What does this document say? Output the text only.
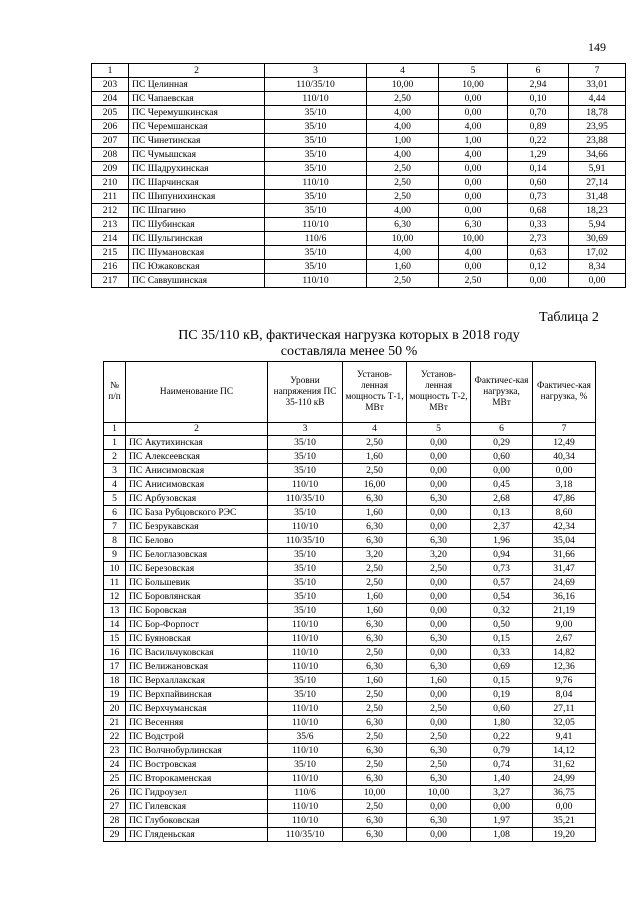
149
1	2	3	4	5	6	7
203	ПС Целинная	110/35/10	10,00	10,00	2,94	33,01
204	ПС Чапаевская	110/10	2,50	0,00	0,10	4,44
205	ПС Черемушкинская	35/10	4,00	0,00	0,70	18,78
206	ПС Черемшанская	35/10	4,00	4,00	0,89	23,95
207	ПС Чинетинская	35/10	1,00	1,00	0,22	23,88
208	ПС Чумышская	35/10	4,00	4,00	1,29	34,66
209	ПС Шадрухинская	35/10	2,50	0,00	0,14	5,91
210	ПС Шарчинская	110/10	2,50	0,00	0,60	27,14
211	ПС Шипунихинская	35/10	2,50	0,00	0,73	31,48
212	ПС Шпагино	35/10	4,00	0,00	0,68	18,23
213	ПС Шубинская	110/10	6,30	6,30	0,33	5,94
214	ПС Шульгинская	110/6	10,00	10,00	2,73	30,69
215	ПС Шумановская	35/10	4,00	4,00	0,63	17,02
216	ПС Южаковская	35/10	1,60	0,00	0,12	8,34
217	ПС Саввушинская	110/10	2,50	2,50	0,00	0,00
Таблица 2
ПС 35/110 кВ, фактическая нагрузка которых в 2018 году
составляла менее 50 %
№ п/п	Наименование ПС	Уровни напряжения ПС 35-110 кВ	Установ-ленная мощность Т-1, МВт	Установ-ленная мощность Т-2, МВт	Фактичес-кая нагрузка, МВт	Фактичес-кая нагрузка, %
1	2	3	4	5	6	7
1	ПС Акутихинская	35/10	2,50	0,00	0,29	12,49
2	ПС Алексеевская	35/10	1,60	0,00	0,60	40,34
3	ПС Анисимовская	35/10	2,50	0,00	0,00	0,00
4	ПС Анисимовская	110/10	16,00	0,00	0,45	3,18
5	ПС Арбузовская	110/35/10	6,30	6,30	2,68	47,86
6	ПС База Рубцовского РЭС	35/10	1,60	0,00	0,13	8,60
7	ПС Безрукавская	110/10	6,30	0,00	2,37	42,34
8	ПС Белово	110/35/10	6,30	6,30	1,96	35,04
9	ПС Белоглазовская	35/10	3,20	3,20	0,94	31,66
10	ПС Березовская	35/10	2,50	2,50	0,73	31,47
11	ПС Большевик	35/10	2,50	0,00	0,57	24,69
12	ПС Боровлянская	35/10	1,60	0,00	0,54	36,16
13	ПС Боровская	35/10	1,60	0,00	0,32	21,19
14	ПС Бор-Форпост	110/10	6,30	0,00	0,50	9,00
15	ПС Буяновская	110/10	6,30	6,30	0,15	2,67
16	ПС Васильчуковская	110/10	2,50	0,00	0,33	14,82
17	ПС Велижановская	110/10	6,30	6,30	0,69	12,36
18	ПС Верхаллакская	35/10	1,60	1,60	0,15	9,76
19	ПС Верхпайвинская	35/10	2,50	0,00	0,19	8,04
20	ПС Верхчуманская	110/10	2,50	2,50	0,60	27,11
21	ПС Весенняя	110/10	6,30	0,00	1,80	32,05
22	ПС Водстрой	35/6	2,50	2,50	0,22	9,41
23	ПС Волчнобурлинская	110/10	6,30	6,30	0,79	14,12
24	ПС Востровская	35/10	2,50	2,50	0,74	31,62
25	ПС Второкаменская	110/10	6,30	6,30	1,40	24,99
26	ПС Гидроузел	110/6	10,00	10,00	3,27	36,75
27	ПС Гилевская	110/10	2,50	0,00	0,00	0,00
28	ПС Глубоковская	110/10	6,30	6,30	1,97	35,21
29	ПС Гляденьская	110/35/10	6,30	0,00	1,08	19,20
